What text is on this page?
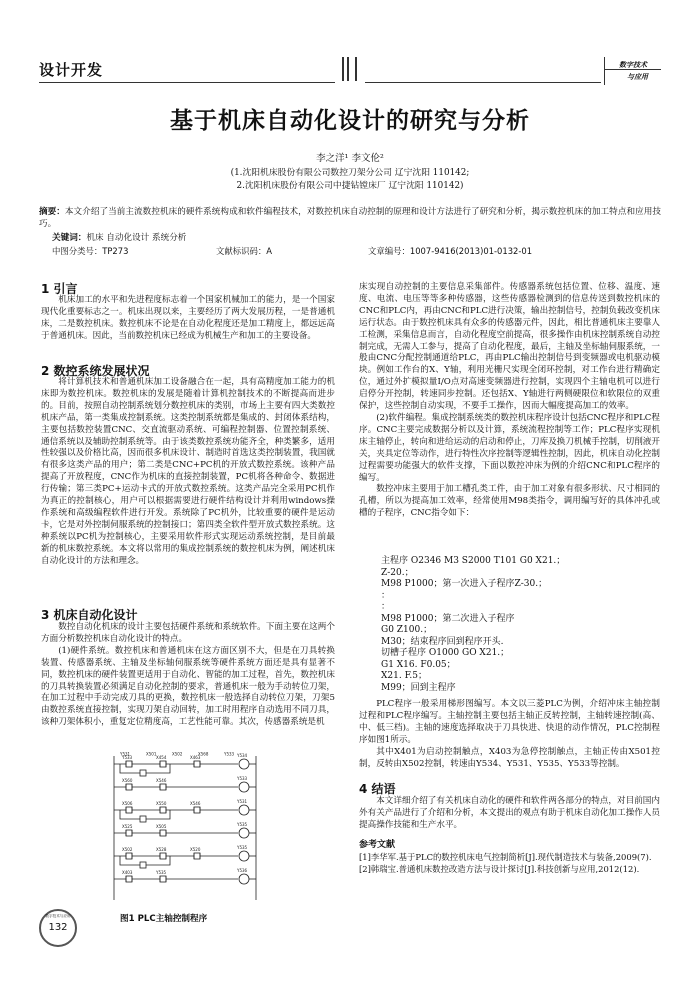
设计开发	数字技术
与应用
基于机床自动化设计的研究与分析
李之洋¹ 李文伦²
(1.沈阳机床股份有限公司数控刀架分公司 辽宁沈阳 110142;
2.沈阳机床股份有限公司中捷钻镗床厂 辽宁沈阳 110142)
摘要：本文介绍了当前主流数控机床的硬件系统构成和软件编程技术，对数控机床自动控制的原理和设计方法进行了研究和分析，揭示数控机床的加工特点和应用技巧。
关键词：机床 自动化设计 系统分析
中图分类号：TP273	文献标识码：A	文章编号：1007-9416(2013)01-0132-01
1 引言

机床加工的水平和先进程度标志着一个国家机械加工的能力，是一个国家现代化重要标志之一。机床出现以来，主要经历了两大发展历程，一是普通机床，二是数控机床。数控机床不论是在自动化程度还是加工精度上，都远远高于普通机床。因此，当前数控机床已经成为机械生产和加工的主要设备。

2 数控系统发展状况

将计算机技术和普通机床加工设备融合在一起，具有高精度加工能力的机床即为数控机床。数控机床的发展是随着计算机控制技术的不断提高而进步的。目前，按照自动控制系统划分数控机床的类别，市场上主要有四大类数控机床产品，第一类集成控制系统。这类控制系统都是集成的、封闭体系结构，主要包括数控装置CNC、交直流驱动系统、可编程控制器、位置控制系统、通信系统以及辅助控制系统等。由于该类数控系统功能齐全，种类繁多，适用性较强以及价格比高，因而很多机床设计、制造时首选这类控制装置，我国就有很多这类产品的用户；第二类是CNC+PC机的开放式数控系统。该种产品提高了开放程度，CNC作为机床的直接控制装置，PC机将各种命令、数据进行传输；第三类PC+运动卡式的开放式数控系统。这类产品完全采用PC机作为真正的控制核心，用户可以根据需要进行硬件结构设计并利用windows操作系统和高级编程软件进行开发。系统除了PC机外，比较重要的硬件是运动卡，它是对外控制伺服系统的控制接口；第四类全软件型开放式数控系统。这种系统以PC机为控制核心，主要采用软件形式实现运动系统控制，是目前最新的机床数控系统。本文将以常用的集成控制系统的数控机床为例，阐述机床自动化设计的方法和理念。

3 机床自动化设计

数控自动化机床的设计主要包括硬件系统和系统软件。下面主要在这两个方面分析数控机床自动化设计的特点。

(1)硬件系统。数控机床和普通机床在这方面区别不大，但是在刀具转换装置、传感器系统、主轴及坐标轴伺服系统等硬件系统方面还是具有显著不同，数控机床的硬件装置更适用于自动化、智能的加工过程，首先，数控机床的刀具转换装置必须满足自动化控制的要求，普通机床一般为手动转位刀架，在加工过程中手动完成刀具的更换，数控机床一般选择自动转位刀架，刀架5由数控系统直接控制，实现刀架自动回转，加工时用程序自动选用不同刀具，该种刀架体积小，重复定位精度高，工艺性能可靠。其次，传感器系统是机

Y531	X501	X502	X568	Y533
Y533	X454	X463	Y534
X560	X546	Y533
X506	X550	X546	Y531
X525	X505	Y535
X502	X528	X520	Y535
X403	Y535	Y536
图1 PLC主轴控制程序
数字技术与应用
132

床实现自动控制的主要信息采集部件。传感器系统包括位置、位移、温度、速度、电流、电压等等多种传感器，这些传感器检测到的信息传送到数控机床的CNC和PLC内，再由CNC和PLC进行决策，输出控制信号，控制负载改变机床运行状态。由于数控机床具有众多的传感器元件，因此，相比普通机床主要靠人工检测，采集信息而言，自动化程度空前提高，很多操作由机床控制系统自动控制完成，无需人工参与，提高了自动化程度，最后，主轴及坐标轴伺服系统，一般由CNC分配控制通道给PLC，再由PLC输出控制信号到变频器或电机驱动模块。例如工作台的X、Y轴，利用光栅尺实现全闭环控制，对工作台进行精确定位，通过外扩模拟量I/O点对高速变频器进行控制，实现四个主轴电机可以进行启停分开控制，转速同步控制。还包括X、Y轴进行两侧硬限位和软限位的双重保护，这些控制自动实现，不要手工操作，因而大幅度提高加工的效率。

(2)软件编程。集成控制系统类的数控机床程序设计包括CNC程序和PLC程序。CNC主要完成数据分析以及计算，系统流程控制等工作；PLC程序实现机床主轴停止，转向和进给运动的启动和停止，刀库及换刀机械手控制，切削液开关，夹具定位等动作，进行特性次序控制等逻辑性控制，因此，机床自动化控制过程需要功能强大的软件支撑，下面以数控冲床为例的介绍CNC和PLC程序的编写。

数控冲床主要用于加工槽孔类工件，由于加工对象有很多形状、尺寸相同的孔槽，所以为提高加工效率，经常使用M98类指令，调用编写好的具体冲孔或槽的子程序，CNC指令如下：

主程序 O2346 M3 S2000 T101 G0 X21.；
Z-20.；
M98 P1000；第一次进入子程序Z-30.；
：
：
M98 P1000；第二次进入子程序
G0 Z100.；
M30；结束程序回到程序开头.
切槽子程序 O1000 GO X21.；
G1 X16. F0.05；
X21. F.5；
M99；回到主程序

PLC程序一般采用梯形图编写。本文以三菱PLC为例，介绍冲床主轴控制过程和PLC程序编写。主轴控制主要包括主轴正反转控制，主轴转速控制(高、中、低三档)。主轴的速度选择取决于刀具快进、快退的动作情况，PLC控制程序如图1所示。

其中X401为启动控制触点，X403为急停控制触点，主轴正传由X501控制，反转由X502控制，转速由Y534、Y531、Y535、Y533等控制。

4 结语

本文详细介绍了有关机床自动化的硬件和软件两各部分的特点，对目前国内外有关产品进行了介绍和分析，本文提出的观点有助于机床自动化加工操作人员提高操作技能和生产水平。

参考文献
[1]李华军.基于PLC的数控机床电气控制简析[J].现代制造技术与装备,2009(7).
[2]韩瑞宝.普通机床数控改造方法与设计探讨[J].科技创新与应用,2012(12).
